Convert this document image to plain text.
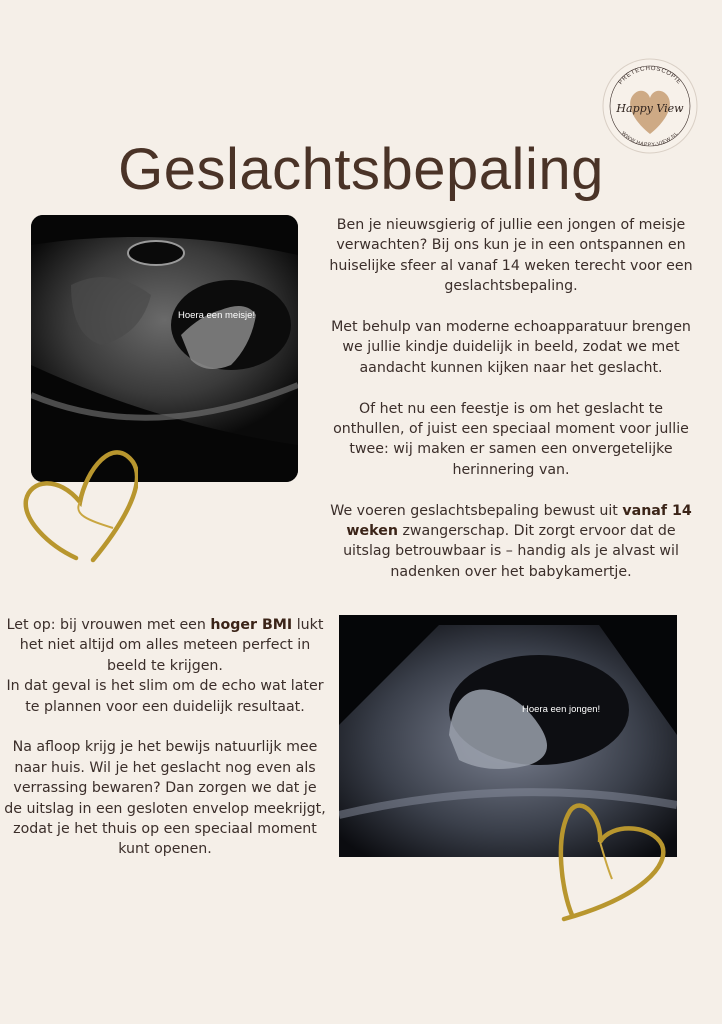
PRETECHOSCOPIE
WWW.HAPPY-VIEW.NL
Happy View
Geslachtsbepaling
Hoera een meisje!

Ben je nieuwsgierig of jullie een jongen of meisje verwachten? Bij ons kun je in een ontspannen en huiselijke sfeer al vanaf 14 weken terecht voor een geslachtsbepaling.

Met behulp van moderne echoapparatuur brengen we jullie kindje duidelijk in beeld, zodat we met aandacht kunnen kijken naar het geslacht.

Of het nu een feestje is om het geslacht te onthullen, of juist een speciaal moment voor jullie twee: wij maken er samen een onvergetelijke herinnering van.

We voeren geslachtsbepaling bewust uit vanaf 14 weken zwangerschap. Dit zorgt ervoor dat de uitslag betrouwbaar is – handig als je alvast wil nadenken over het babykamertje.

Let op: bij vrouwen met een hoger BMI lukt het niet altijd om alles meteen perfect in beeld te krijgen.

In dat geval is het slim om de echo wat later te plannen voor een duidelijk resultaat.

Na afloop krijg je het bewijs natuurlijk mee naar huis. Wil je het geslacht nog even als verrassing bewaren? Dan zorgen we dat je de uitslag in een gesloten envelop meekrijgt, zodat je het thuis op een speciaal moment kunt openen.

Hoera een jongen!
